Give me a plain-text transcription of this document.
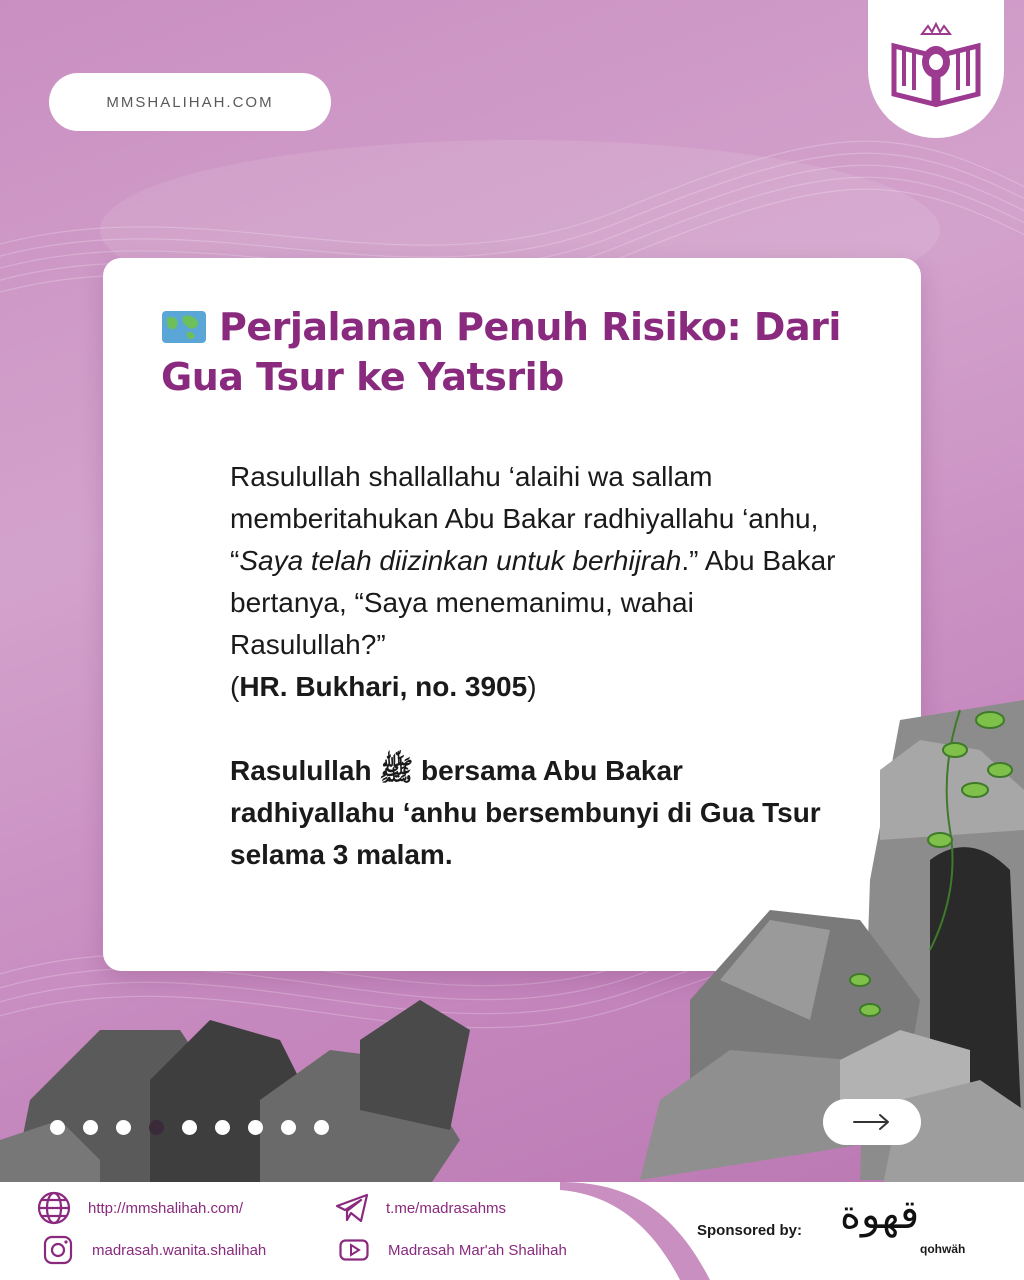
MMSHALIHAH.COM
Perjalanan Penuh Risiko: Dari Gua Tsur ke Yatsrib
Rasulullah shallallahu ‘alaihi wa sallam memberitahukan Abu Bakar radhiyallahu ‘anhu, “Saya telah diizinkan untuk berhijrah.” Abu Bakar bertanya, “Saya menemanimu, wahai Rasulullah?”
(HR. Bukhari, no. 3905)
Rasulullah ﷺ bersama Abu Bakar radhiyallahu ‘anhu bersembunyi di Gua Tsur selama 3 malam.
http://mmshalihah.com/
madrasah.wanita.shalihah
t.me/madrasahms
Madrasah Mar'ah Shalihah
Sponsored by: قهوة
qohwäh
